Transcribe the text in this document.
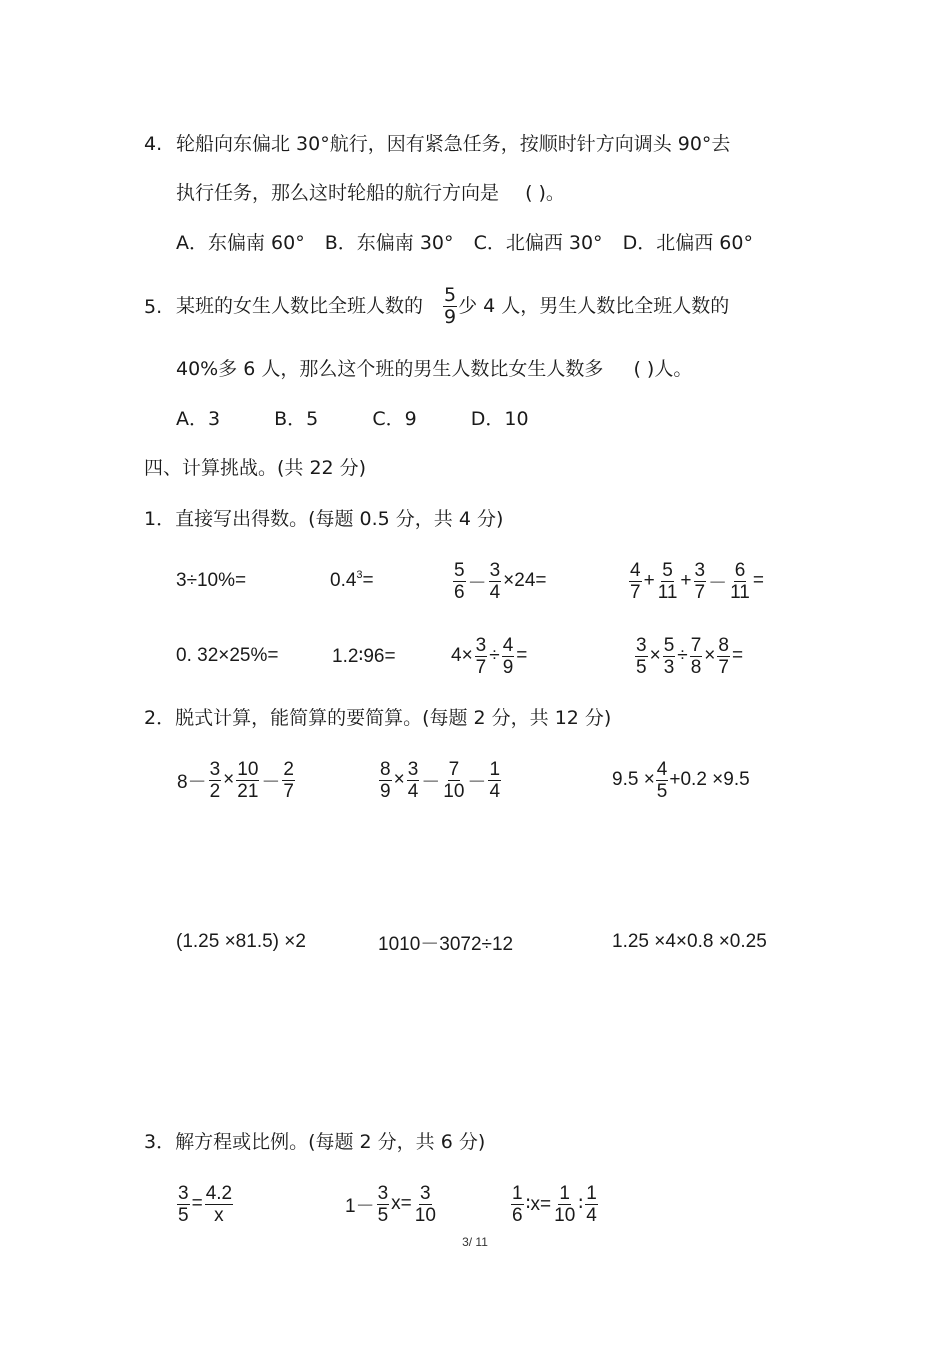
4. 轮船向东偏北 30°航行，因有紧急任务，按顺时针方向调头 90°去
执行任务，那么这时轮船的航行方向是 ( )。
A．东偏南 60° B．东偏南 30° C．北偏西 30° D．北偏西 60°
5. 某班的女生人数比全班人数的 $\frac{5}{9}$ 少 4 人，男生人数比全班人数的
40%多 6 人，那么这个班的男生人数比女生人数多 ( )人。
A．3	B．5	C．9	D．10
四、计算挑战。(共 22 分)
1．直接写出得数。(每题 0.5 分，共 4 分)
3÷10%=	$0.4^3$ =	$\frac{5}{6} - \frac{3}{4} \times 24=$	$\frac{4}{7} + \frac{5}{11} + \frac{3}{7} - \frac{6}{11}$ =
0. 32×25%=	1.2∶96=	$4\times \frac{3}{7} \div \frac{4}{9}$ =	$\frac{3}{5} \times \frac{5}{3} \div \frac{7}{8} \times \frac{8}{7}$ =
2．脱式计算，能简算的要简算。(每题 2 分，共 12 分)
$8- \frac{3}{2} \times \frac{10}{21} - \frac{2}{7}$	$\frac{8}{9} \times \frac{3}{4} - \frac{7}{10} - \frac{1}{4}$	$9.5 \times \frac{4}{5} +0.2 \times 9.5$
(1.25 ×81.5) ×2	1010－3072÷12	1.25 ×4×0.8 ×0.25
3．解方程或比例。(每题 2 分，共 6 分)
$\frac{3}{5} = \frac{4.2}{x}$	$1- \frac{3}{5} x= \frac{3}{10}$	$\frac{1}{6}$ ∶x= $\frac{1}{10}$ ∶ $\frac{1}{4}$
3/ 11
